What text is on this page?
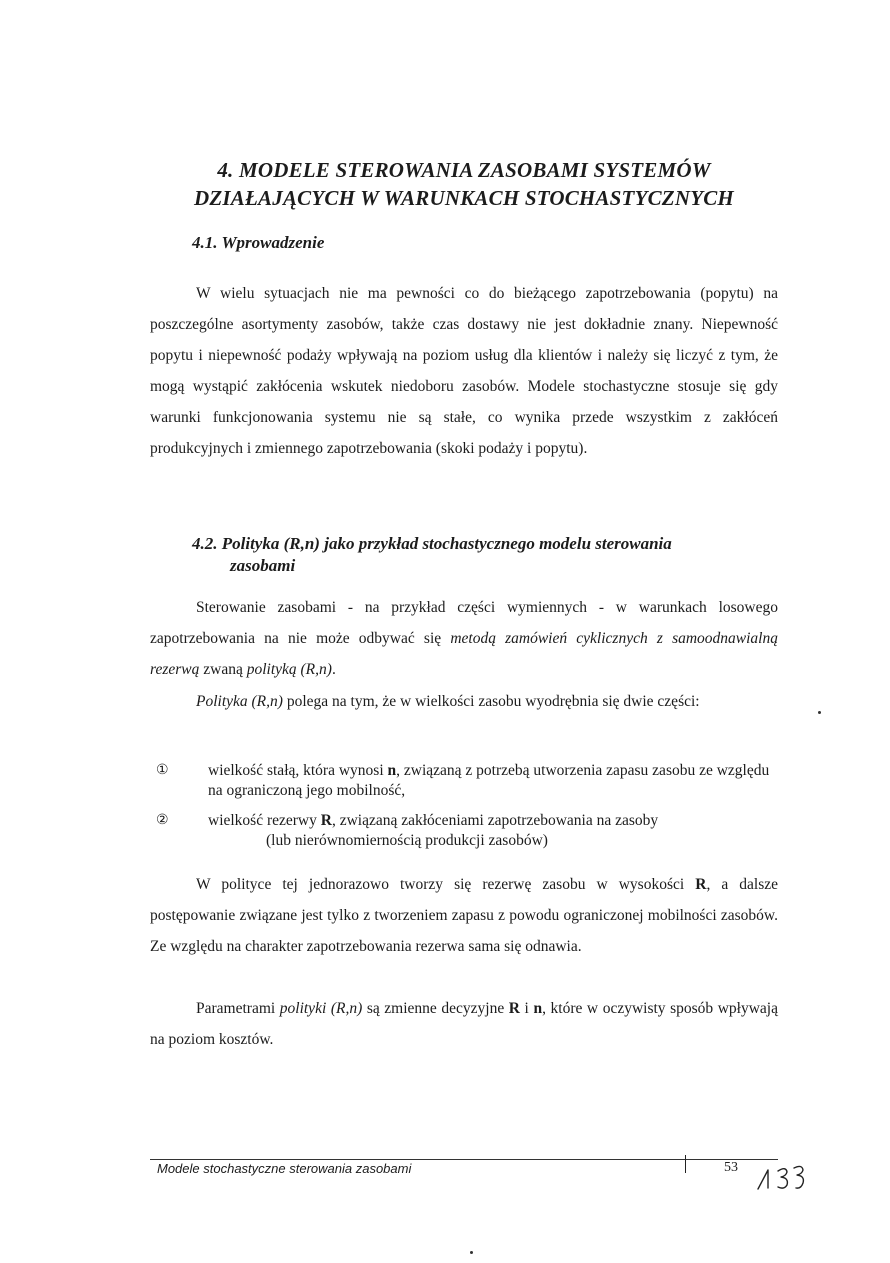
4. MODELE STEROWANIA ZASOBAMI SYSTEMÓW
DZIAŁAJĄCYCH W WARUNKACH STOCHASTYCZNYCH
4.1. Wprowadzenie

W wielu sytuacjach nie ma pewności co do bieżącego zapotrzebowania (popytu) na poszczególne asortymenty zasobów, także czas dostawy nie jest dokładnie znany. Niepewność popytu i niepewność podaży wpływają na poziom usług dla klientów i należy się liczyć z tym, że mogą wystąpić zakłócenia wskutek niedoboru zasobów. Modele stochastyczne stosuje się gdy warunki funkcjonowania systemu nie są stałe, co wynika przede wszystkim z zakłóceń produkcyjnych i zmiennego zapotrzebowania (skoki podaży i popytu).

4.2. Polityka (R,n) jako przykład stochastycznego modelu sterowania
zasobami

Sterowanie zasobami - na przykład części wymiennych - w warunkach losowego zapotrzebowania na nie może odbywać się metodą zamówień cyklicznych z samoodnawialną rezerwą zwaną polityką (R,n).

Polityka (R,n) polega na tym, że w wielkości zasobu wyodrębnia się dwie części:

①	wielkość stałą, która wynosi n, związaną z potrzebą utworzenia zapasu zasobu ze względu na ograniczoną jego mobilność,
②	wielkość rezerwy R, związaną zakłóceniami zapotrzebowania na zasoby
(lub nierównomiernością produkcji zasobów)

W polityce tej jednorazowo tworzy się rezerwę zasobu w wysokości R, a dalsze postępowanie związane jest tylko z tworzeniem zapasu z powodu ograniczonej mobilności zasobów. Ze względu na charakter zapotrzebowania rezerwa sama się odnawia.

Parametrami polityki (R,n) są zmienne decyzyjne R i n, które w oczywisty sposób wpływają na poziom kosztów.

Modele stochastyczne sterowania zasobami	53
